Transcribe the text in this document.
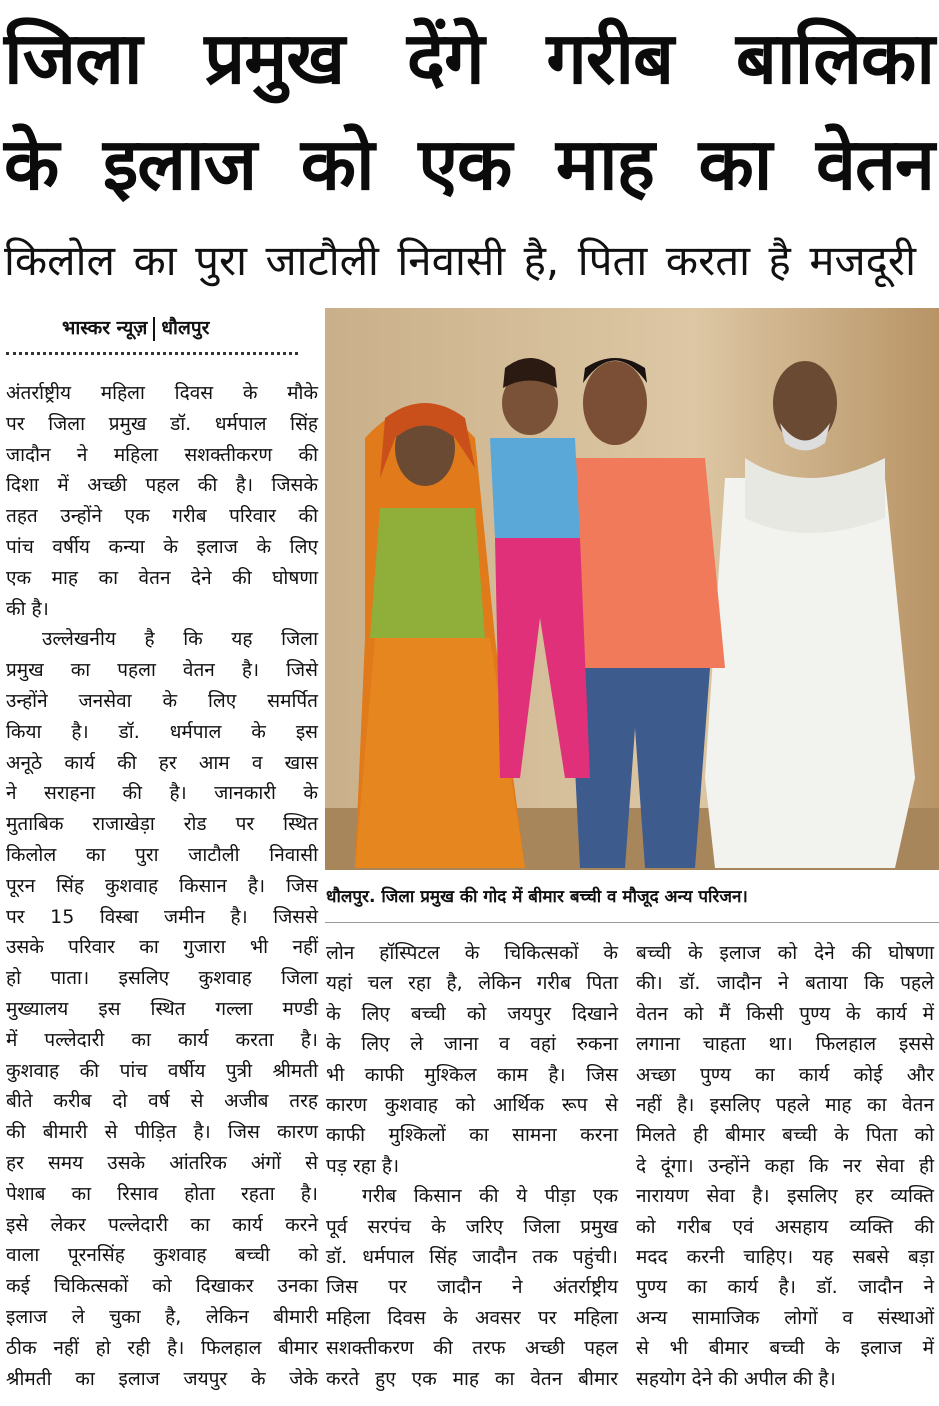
जिला प्रमुख देंगे गरीब बालिका
के इलाज को एक माह का वेतन
किलोल का पुरा जाटौली निवासी है, पिता करता है मजदूरी
भास्कर न्यूज़ धौलपुर
अंतर्राष्ट्रीय महिला दिवस के मौके
पर जिला प्रमुख डॉ. धर्मपाल सिंह
जादौन ने महिला सशक्तीकरण की
दिशा में अच्छी पहल की है। जिसके
तहत उन्होंने एक गरीब परिवार की
पांच वर्षीय कन्या के इलाज के लिए
एक माह का वेतन देने की घोषणा
की है।
उल्लेखनीय है कि यह जिला
प्रमुख का पहला वेतन है। जिसे
उन्होंने जनसेवा के लिए समर्पित
किया है। डॉ. धर्मपाल के इस
अनूठे कार्य की हर आम व खास
ने सराहना की है। जानकारी के
मुताबिक राजाखेड़ा रोड पर स्थित
किलोल का पुरा जाटौली निवासी
पूरन सिंह कुशवाह किसान है। जिस
पर 15 विस्बा जमीन है। जिससे
उसके परिवार का गुजारा भी नहीं
हो पाता। इसलिए कुशवाह जिला
मुख्यालय इस स्थित गल्ला मण्डी
में पल्लेदारी का कार्य करता है।
कुशवाह की पांच वर्षीय पुत्री श्रीमती
बीते करीब दो वर्ष से अजीब तरह
की बीमारी से पीड़ित है। जिस कारण
हर समय उसके आंतरिक अंगों से
पेशाब का रिसाव होता रहता है।
इसे लेकर पल्लेदारी का कार्य करने
वाला पूरनसिंह कुशवाह बच्ची को
कई चिकित्सकों को दिखाकर उनका
इलाज ले चुका है, लेकिन बीमारी
ठीक नहीं हो रही है। फिलहाल बीमार
श्रीमती का इलाज जयपुर के जेके
लोन हॉस्पिटल के चिकित्सकों के
यहां चल रहा है, लेकिन गरीब पिता
के लिए बच्ची को जयपुर दिखाने
के लिए ले जाना व वहां रुकना
भी काफी मुश्किल काम है। जिस
कारण कुशवाह को आर्थिक रूप से
काफी मुश्किलों का सामना करना
पड़ रहा है।
गरीब किसान की ये पीड़ा एक
पूर्व सरपंच के जरिए जिला प्रमुख
डॉ. धर्मपाल सिंह जादौन तक पहुंची।
जिस पर जादौन ने अंतर्राष्ट्रीय
महिला दिवस के अवसर पर महिला
सशक्तीकरण की तरफ अच्छी पहल
करते हुए एक माह का वेतन बीमार
बच्ची के इलाज को देने की घोषणा
की। डॉ. जादौन ने बताया कि पहले
वेतन को मैं किसी पुण्य के कार्य में
लगाना चाहता था। फिलहाल इससे
अच्छा पुण्य का कार्य कोई और
नहीं है। इसलिए पहले माह का वेतन
मिलते ही बीमार बच्ची के पिता को
दे दूंगा। उन्होंने कहा कि नर सेवा ही
नारायण सेवा है। इसलिए हर व्यक्ति
को गरीब एवं असहाय व्यक्ति की
मदद करनी चाहिए। यह सबसे बड़ा
पुण्य का कार्य है। डॉ. जादौन ने
अन्य सामाजिक लोगों व संस्थाओं
से भी बीमार बच्ची के इलाज में
सहयोग देने की अपील की है।
धौलपुर. जिला प्रमुख की गोद में बीमार बच्ची व मौजूद अन्य परिजन।
